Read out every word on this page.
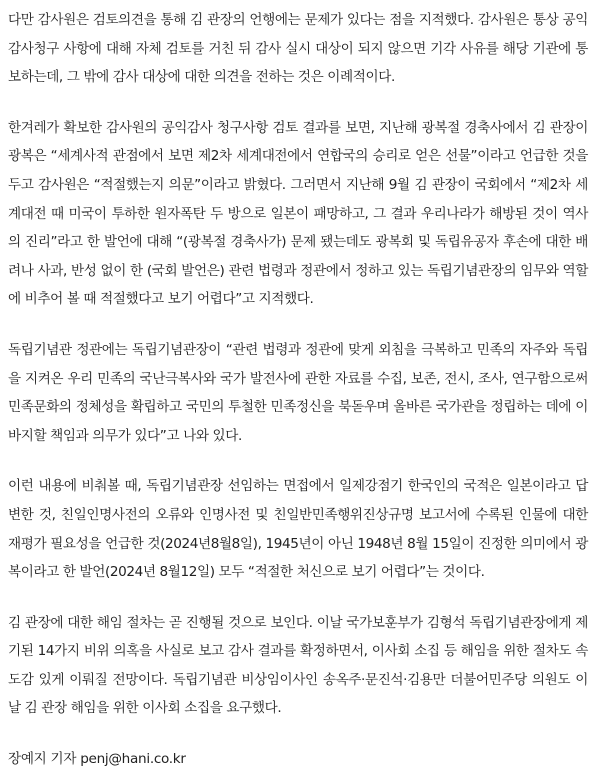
다만 감사원은 검토의견을 통해 김 관장의 언행에는 문제가 있다는 점을 지적했다. 감사원은 통상 공익감사청구 사항에 대해 자체 검토를 거친 뒤 감사 실시 대상이 되지 않으면 기각 사유를 해당 기관에 통보하는데, 그 밖에 감사 대상에 대한 의견을 전하는 것은 이례적이다.

한겨레가 확보한 감사원의 공익감사 청구사항 검토 결과를 보면, 지난해 광복절 경축사에서 김 관장이 광복은 “세계사적 관점에서 보면 제2차 세계대전에서 연합국의 승리로 얻은 선물”이라고 언급한 것을 두고 감사원은 “적절했는지 의문”이라고 밝혔다. 그러면서 지난해 9월 김 관장이 국회에서 “제2차 세계대전 때 미국이 투하한 원자폭탄 두 방으로 일본이 패망하고, 그 결과 우리나라가 해방된 것이 역사의 진리”라고 한 발언에 대해 “(광복절 경축사가) 문제 됐는데도 광복회 및 독립유공자 후손에 대한 배려나 사과, 반성 없이 한 (국회 발언은) 관련 법령과 정관에서 정하고 있는 독립기념관장의 임무와 역할에 비추어 볼 때 적절했다고 보기 어렵다”고 지적했다.

독립기념관 정관에는 독립기념관장이 “관련 법령과 정관에 맞게 외침을 극복하고 민족의 자주와 독립을 지켜온 우리 민족의 국난극복사와 국가 발전사에 관한 자료를 수집, 보존, 전시, 조사, 연구함으로써 민족문화의 정체성을 확립하고 국민의 투철한 민족정신을 북돋우며 올바른 국가관을 정립하는 데에 이바지할 책임과 의무가 있다”고 나와 있다.

이런 내용에 비춰볼 때, 독립기념관장 선임하는 면접에서 일제강점기 한국인의 국적은 일본이라고 답변한 것, 친일인명사전의 오류와 인명사전 및 친일반민족행위진상규명 보고서에 수록된 인물에 대한 재평가 필요성을 언급한 것(2024년8월8일), 1945년이 아닌 1948년 8월 15일이 진정한 의미에서 광복이라고 한 발언(2024년 8월12일) 모두 “적절한 처신으로 보기 어렵다”는 것이다.

김 관장에 대한 해임 절차는 곧 진행될 것으로 보인다. 이날 국가보훈부가 김형석 독립기념관장에게 제기된 14가지 비위 의혹을 사실로 보고 감사 결과를 확정하면서, 이사회 소집 등 해임을 위한 절차도 속도감 있게 이뤄질 전망이다. 독립기념관 비상임이사인 송옥주·문진석·김용만 더불어민주당 의원도 이날 김 관장 해임을 위한 이사회 소집을 요구했다.

장예지 기자 penj@hani.co.kr
